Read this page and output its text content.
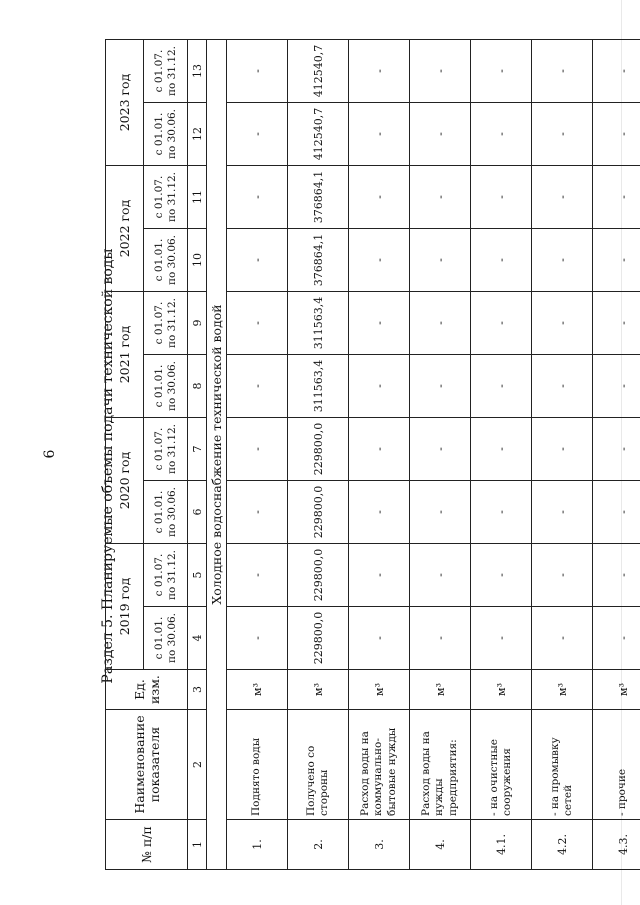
6	Раздел 5. Планируемые объемы подачи технической воды
№ п/п	Наименование показателя	Ед. изм.	2019 год		2020 год		2021 год		2022 год		2023 год	
			с 01.01. по 30.06.	с 01.07. по 31.12.	с 01.01. по 30.06.	с 01.07. по 31.12.	с 01.01. по 30.06.	с 01.07. по 31.12.	с 01.01. по 30.06.	с 01.07. по 31.12.	с 01.01. по 30.06.	с 01.07. по 31.12.
1	2	3	4	5	6	7	8	9	10	11	12	13
Холодное водоснабжение технической водой												
1.	Поднято воды	м³	-	-	-	-	-	-	-	-	-	-
2.	Получено со стороны	м³	229800,0	229800,0	229800,0	229800,0	311563,4	311563,4	376864,1	376864,1	412540,7	412540,7
3.	Расход воды на коммунально-бытовые нужды	м³	-	-	-	-	-	-	-	-	-	-
4.	Расход воды на нужды предприятия:	м³	-	-	-	-	-	-	-	-	-	-
4.1.	- на очистные сооружения	м³	-	-	-	-	-	-	-	-	-	-
4.2.	- на промывку сетей	м³	-	-	-	-	-	-	-	-	-	-
4.3.	- прочие	м³	-	-	-	-	-	-	-	-	-	-
